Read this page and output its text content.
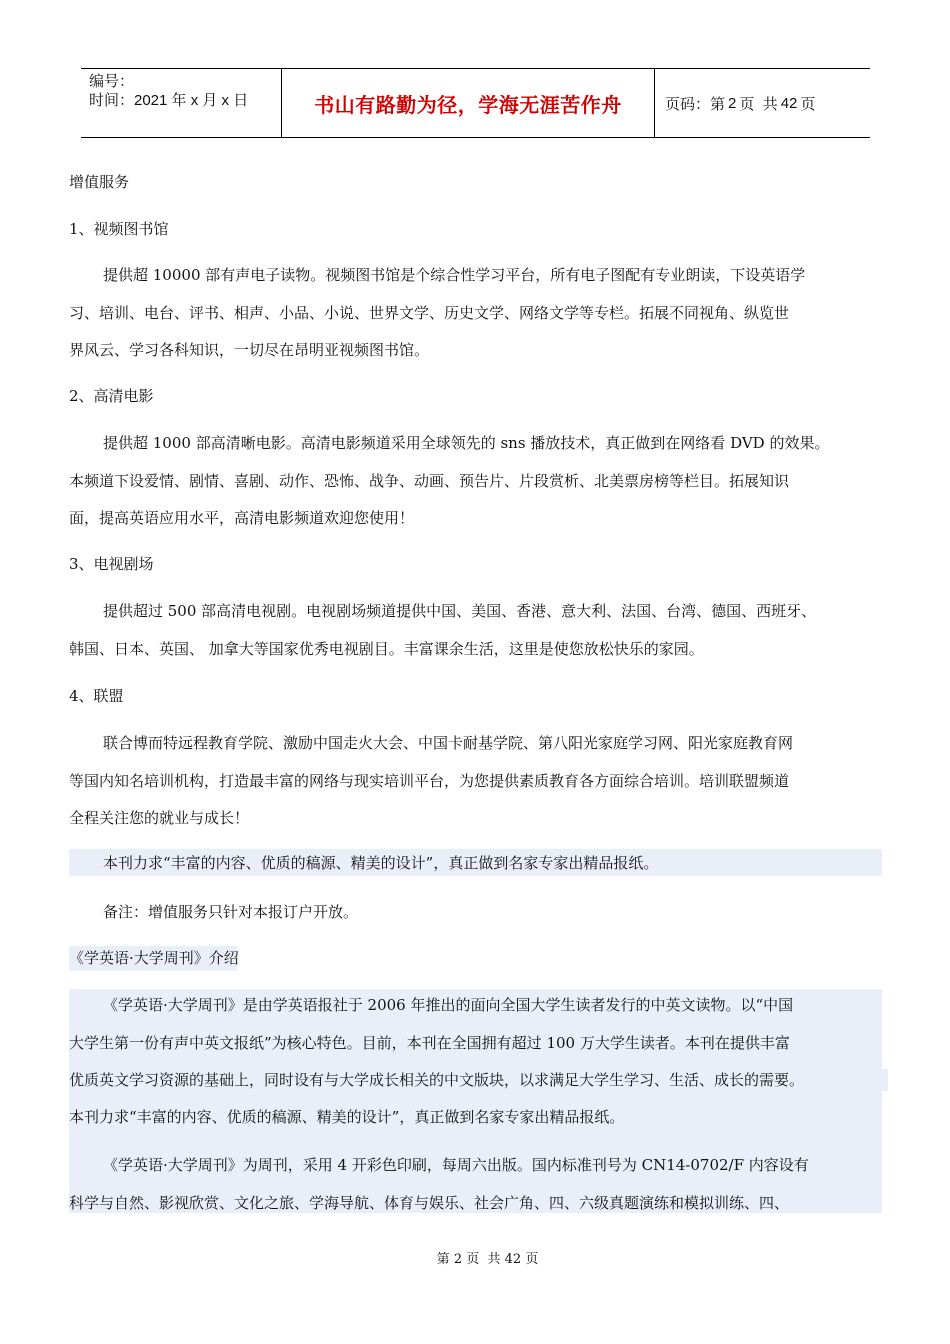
编号：
时间：2021 年 x 月 x 日	书山有路勤为径，学海无涯苦作舟	页码：第 2 页  共 42 页
增值服务
1、视频图书馆
提供超 10000 部有声电子读物。视频图书馆是个综合性学习平台，所有电子图配有专业朗读，下设英语学
习、培训、电台、评书、相声、小品、小说、世界文学、历史文学、网络文学等专栏。拓展不同视角、纵览世
界风云、学习各科知识，一切尽在昂明亚视频图书馆。
2、高清电影
提供超 1000 部高清晰电影。高清电影频道采用全球领先的 sns 播放技术，真正做到在网络看 DVD 的效果。
本频道下设爱情、剧情、喜剧、动作、恐怖、战争、动画、预告片、片段赏析、北美票房榜等栏目。拓展知识
面，提高英语应用水平，高清电影频道欢迎您使用！
3、电视剧场
提供超过 500 部高清电视剧。电视剧场频道提供中国、美国、香港、意大利、法国、台湾、德国、西班牙、
韩国、日本、英国、 加拿大等国家优秀电视剧目。丰富课余生活，这里是使您放松快乐的家园。
4、联盟
联合博而特远程教育学院、激励中国走火大会、中国卡耐基学院、第八阳光家庭学习网、阳光家庭教育网
等国内知名培训机构，打造最丰富的网络与现实培训平台，为您提供素质教育各方面综合培训。培训联盟频道
全程关注您的就业与成长！
本刊力求“丰富的内容、优质的稿源、精美的设计”，真正做到名家专家出精品报纸。
备注：增值服务只针对本报订户开放。
《学英语·大学周刊》介绍
《学英语·大学周刊》是由学英语报社于 2006 年推出的面向全国大学生读者发行的中英文读物。以“中国
大学生第一份有声中英文报纸”为核心特色。目前，本刊在全国拥有超过 100 万大学生读者。本刊在提供丰富
优质英文学习资源的基础上，同时设有与大学成长相关的中文版块，以求满足大学生学习、生活、成长的需要。
本刊力求“丰富的内容、优质的稿源、精美的设计”，真正做到名家专家出精品报纸。
《学英语·大学周刊》为周刊，采用 4 开彩色印刷，每周六出版。国内标准刊号为 CN14-0702/F 内容设有
科学与自然、影视欣赏、文化之旅、学海导航、体育与娱乐、社会广角、四、六级真题演练和模拟训练、四、
第 2 页  共 42 页
